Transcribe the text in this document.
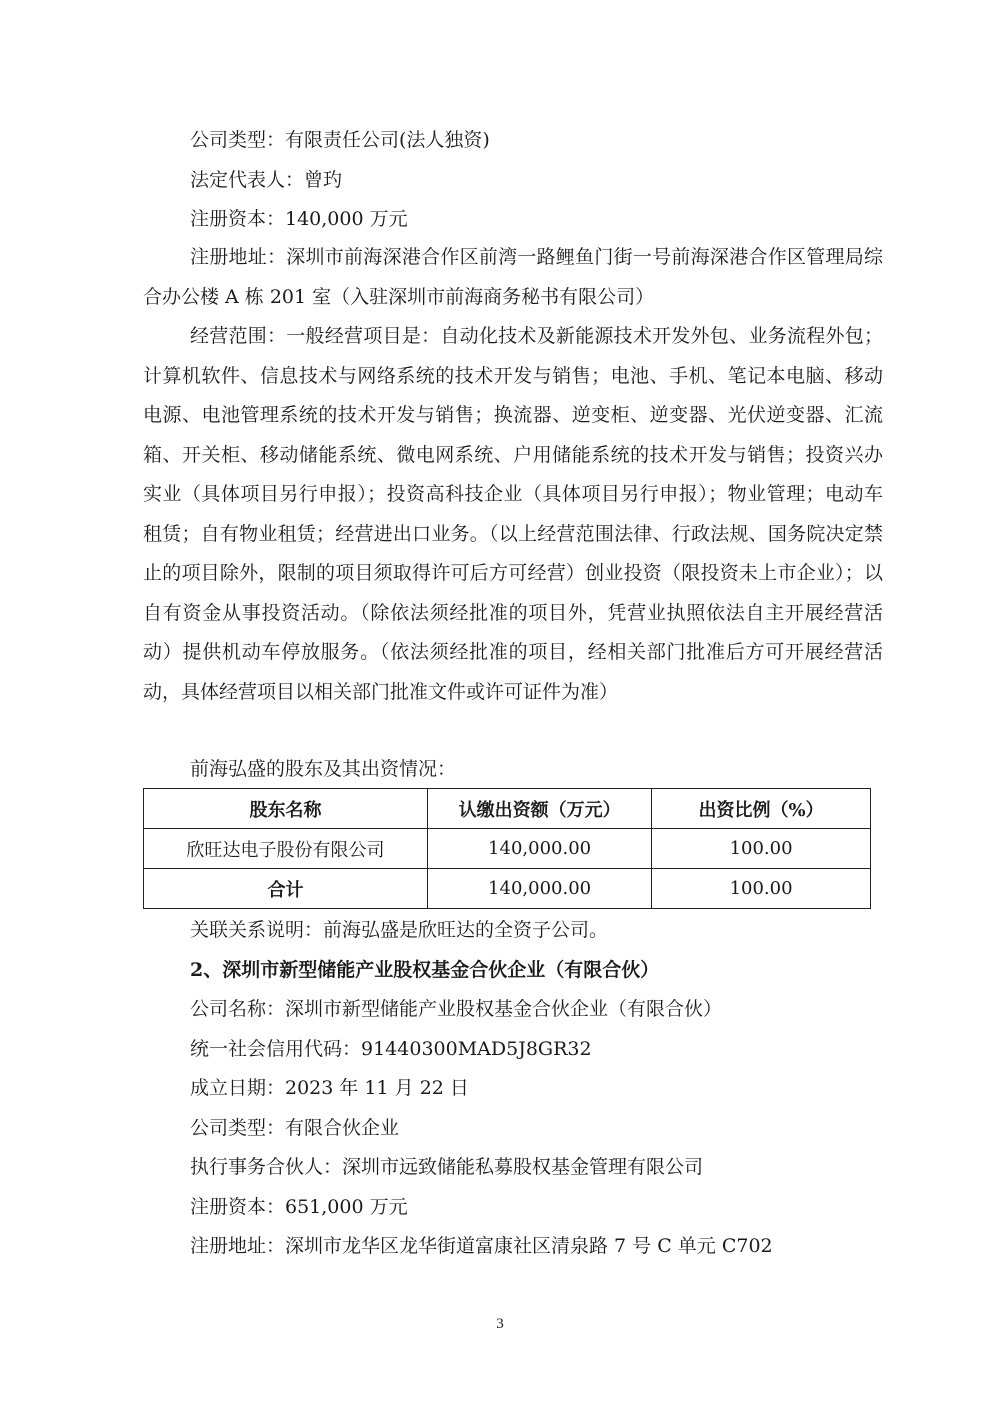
公司类型：有限责任公司(法人独资)
法定代表人：曾玓
注册资本：140,000 万元
注册地址：深圳市前海深港合作区前湾一路鲤鱼门街一号前海深港合作区管理局综合办公楼 A 栋 201 室（入驻深圳市前海商务秘书有限公司）
经营范围：一般经营项目是：自动化技术及新能源技术开发外包、业务流程外包；计算机软件、信息技术与网络系统的技术开发与销售；电池、手机、笔记本电脑、移动电源、电池管理系统的技术开发与销售；换流器、逆变柜、逆变器、光伏逆变器、汇流箱、开关柜、移动储能系统、微电网系统、户用储能系统的技术开发与销售；投资兴办实业（具体项目另行申报）；投资高科技企业（具体项目另行申报）；物业管理；电动车租赁；自有物业租赁；经营进出口业务。（以上经营范围法律、行政法规、国务院决定禁止的项目除外，限制的项目须取得许可后方可经营）创业投资（限投资未上市企业）；以自有资金从事投资活动。（除依法须经批准的项目外，凭营业执照依法自主开展经营活动）提供机动车停放服务。（依法须经批准的项目，经相关部门批准后方可开展经营活动，具体经营项目以相关部门批准文件或许可证件为准）
前海弘盛的股东及其出资情况：
股东名称	认缴出资额（万元）	出资比例（%）
欣旺达电子股份有限公司	140,000.00	100.00
合计	140,000.00	100.00
关联关系说明：前海弘盛是欣旺达的全资子公司。
2、深圳市新型储能产业股权基金合伙企业（有限合伙）
公司名称：深圳市新型储能产业股权基金合伙企业（有限合伙）
统一社会信用代码：91440300MAD5J8GR32
成立日期：2023 年 11 月 22 日
公司类型：有限合伙企业
执行事务合伙人：深圳市远致储能私募股权基金管理有限公司
注册资本：651,000 万元
注册地址：深圳市龙华区龙华街道富康社区清泉路 7 号 C 单元 C702
3
